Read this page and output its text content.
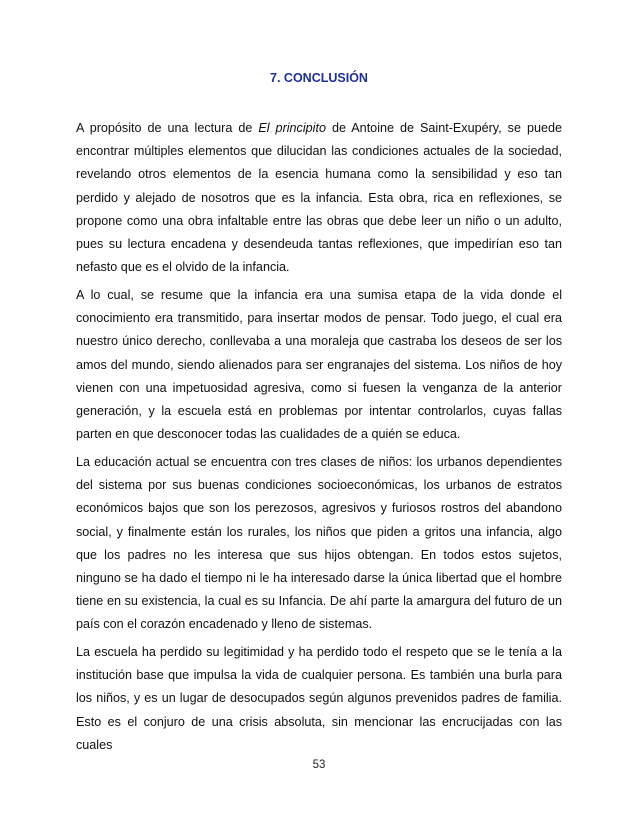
7. CONCLUSIÓN

A propósito de una lectura de El principito de Antoine de Saint-Exupéry, se puede encontrar múltiples elementos que dilucidan las condiciones actuales de la sociedad, revelando otros elementos de la esencia humana como la sensibilidad y eso tan perdido y alejado de nosotros que es la infancia. Esta obra, rica en reflexiones, se propone como una obra infaltable entre las obras que debe leer un niño o un adulto, pues su lectura encadena y desendeuda tantas reflexiones, que impedirían eso tan nefasto que es el olvido de la infancia.

A lo cual, se resume que la infancia era una sumisa etapa de la vida donde el conocimiento era transmitido, para insertar modos de pensar. Todo juego, el cual era nuestro único derecho, conllevaba a una moraleja que castraba los deseos de ser los amos del mundo, siendo alienados para ser engranajes del sistema. Los niños de hoy vienen con una impetuosidad agresiva, como si fuesen la venganza de la anterior generación, y la escuela está en problemas por intentar controlarlos, cuyas fallas parten en que desconocer todas las cualidades de a quién se educa.

La educación actual se encuentra con tres clases de niños: los urbanos dependientes del sistema por sus buenas condiciones socioeconómicas, los urbanos de estratos económicos bajos que son los perezosos, agresivos y furiosos rostros del abandono social, y finalmente están los rurales, los niños que piden a gritos una infancia, algo que los padres no les interesa que sus hijos obtengan. En todos estos sujetos, ninguno se ha dado el tiempo ni le ha interesado darse la única libertad que el hombre tiene en su existencia, la cual es su Infancia. De ahí parte la amargura del futuro de un país con el corazón encadenado y lleno de sistemas.

La escuela ha perdido su legitimidad y ha perdido todo el respeto que se le tenía a la institución base que impulsa la vida de cualquier persona. Es también una burla para los niños, y es un lugar de desocupados según algunos prevenidos padres de familia. Esto es el conjuro de una crisis absoluta, sin mencionar las encrucijadas con las cuales

53
